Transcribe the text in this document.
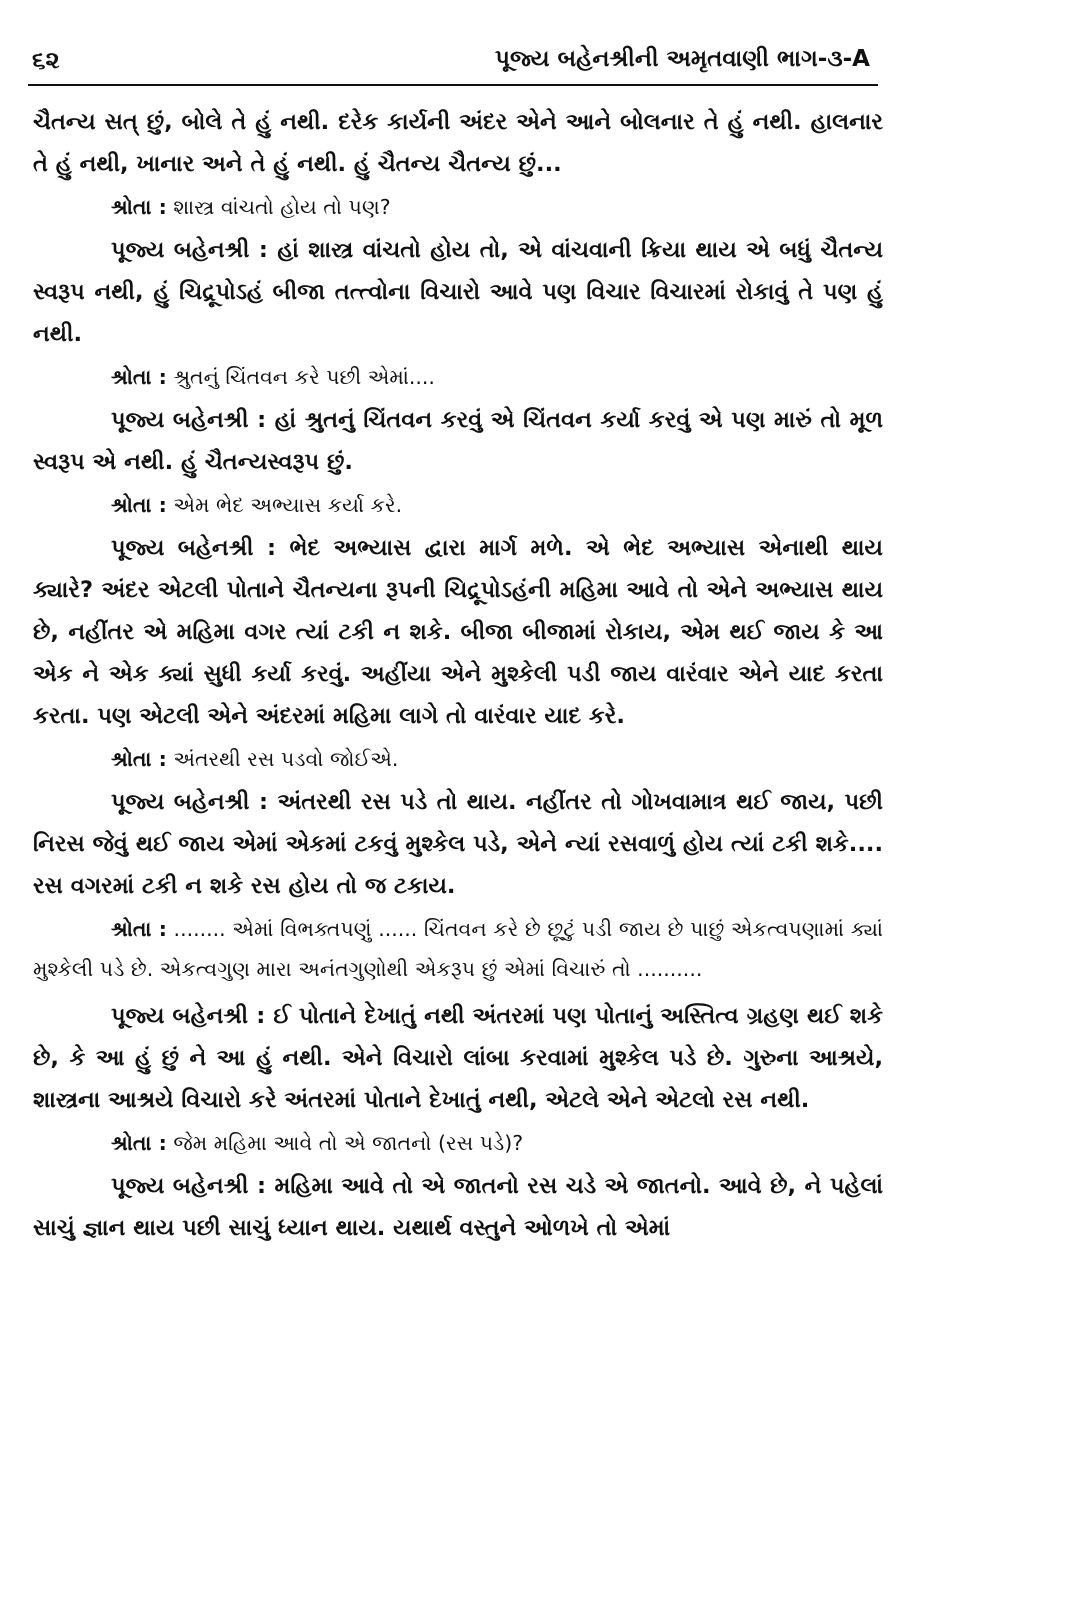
૬૨	પૂજ્ય બહેનશ્રીની અમૃતવાણી ભાગ-૩-A

ચૈતન્ય સત્ છું, બોલે તે હું નથી. દરેક કાર્યની અંદર એને આને બોલનાર તે હું નથી. હાલનાર તે હું નથી, ખાનાર અને તે હું નથી. હું ચૈતન્ય ચૈતન્ય છું...

શ્રોતા : શાસ્ત્ર વાંચતો હોય તો પણ?

પૂજ્ય બહેનશ્રી : હાં શાસ્ત્ર વાંચતો હોય તો, એ વાંચવાની ક્રિયા થાય એ બધું ચૈતન્ય સ્વરૂપ નથી, હું ચિદ્રૂપોઽહં બીજા તત્ત્વોના વિચારો આવે પણ વિચાર વિચારમાં રોકાવું તે પણ હું નથી.

શ્રોતા : શ્રુતનું ચિંતવન કરે પછી એમાં....

પૂજ્ય બહેનશ્રી : હાં શ્રુતનું ચિંતવન કરવું એ ચિંતવન કર્યા કરવું એ પણ મારું તો મૂળ સ્વરૂપ એ નથી. હું ચૈતન્યસ્વરૂપ છું.

શ્રોતા : એમ ભેદ અભ્યાસ કર્યા કરે.

પૂજ્ય બહેનશ્રી : ભેદ અભ્યાસ દ્વારા માર્ગ મળે. એ ભેદ અભ્યાસ એનાથી થાય ક્યારે? અંદર એટલી પોતાને ચૈતન્યના રૂપની ચિદ્રૂપોઽહંની મહિમા આવે તો એને અભ્યાસ થાય છે, નહીંતર એ મહિમા વગર ત્યાં ટકી ન શકે. બીજા બીજામાં રોકાય, એમ થઈ જાય કે આ એક ને એક ક્યાં સુધી કર્યા કરવું. અહીંયા એને મુશ્કેલી પડી જાય વારંવાર એને યાદ કરતા કરતા. પણ એટલી એને અંદરમાં મહિમા લાગે તો વારંવાર યાદ કરે.

શ્રોતા : અંતરથી રસ પડવો જોઈએ.

પૂજ્ય બહેનશ્રી : અંતરથી રસ પડે તો થાય. નહીંતર તો ગોખવામાત્ર થઈ જાય, પછી નિરસ જેવું થઈ જાય એમાં એકમાં ટકવું મુશ્કેલ પડે, એને ન્યાં રસવાળું હોય ત્યાં ટકી શકે.... રસ વગરમાં ટકી ન શકે રસ હોય તો જ ટકાય.

શ્રોતા : ........ એમાં વિભક્તપણું ...... ચિંતવન કરે છે છૂટું પડી જાય છે પાછું એકત્વપણામાં ક્યાં મુશ્કેલી પડે છે. એકત્વગુણ મારા અનંતગુણોથી એકરૂપ છું એમાં વિચારું તો ..........

પૂજ્ય બહેનશ્રી : ઈ પોતાને દેખાતું નથી અંતરમાં પણ પોતાનું અસ્તિત્વ ગ્રહણ થઈ શકે છે, કે આ હું છું ને આ હું નથી. એને વિચારો લાંબા કરવામાં મુશ્કેલ પડે છે. ગુરુના આશ્રયે, શાસ્ત્રના આશ્રયે વિચારો કરે અંતરમાં પોતાને દેખાતું નથી, એટલે એને એટલો રસ નથી.

શ્રોતા : જેમ મહિમા આવે તો એ જાતનો (રસ પડે)?

પૂજ્ય બહેનશ્રી : મહિમા આવે તો એ જાતનો રસ ચડે એ જાતનો. આવે છે, ને પહેલાં સાચું જ્ઞાન થાય પછી સાચું ધ્યાન થાય. યથાર્થ વસ્તુને ઓળખે તો એમાં
